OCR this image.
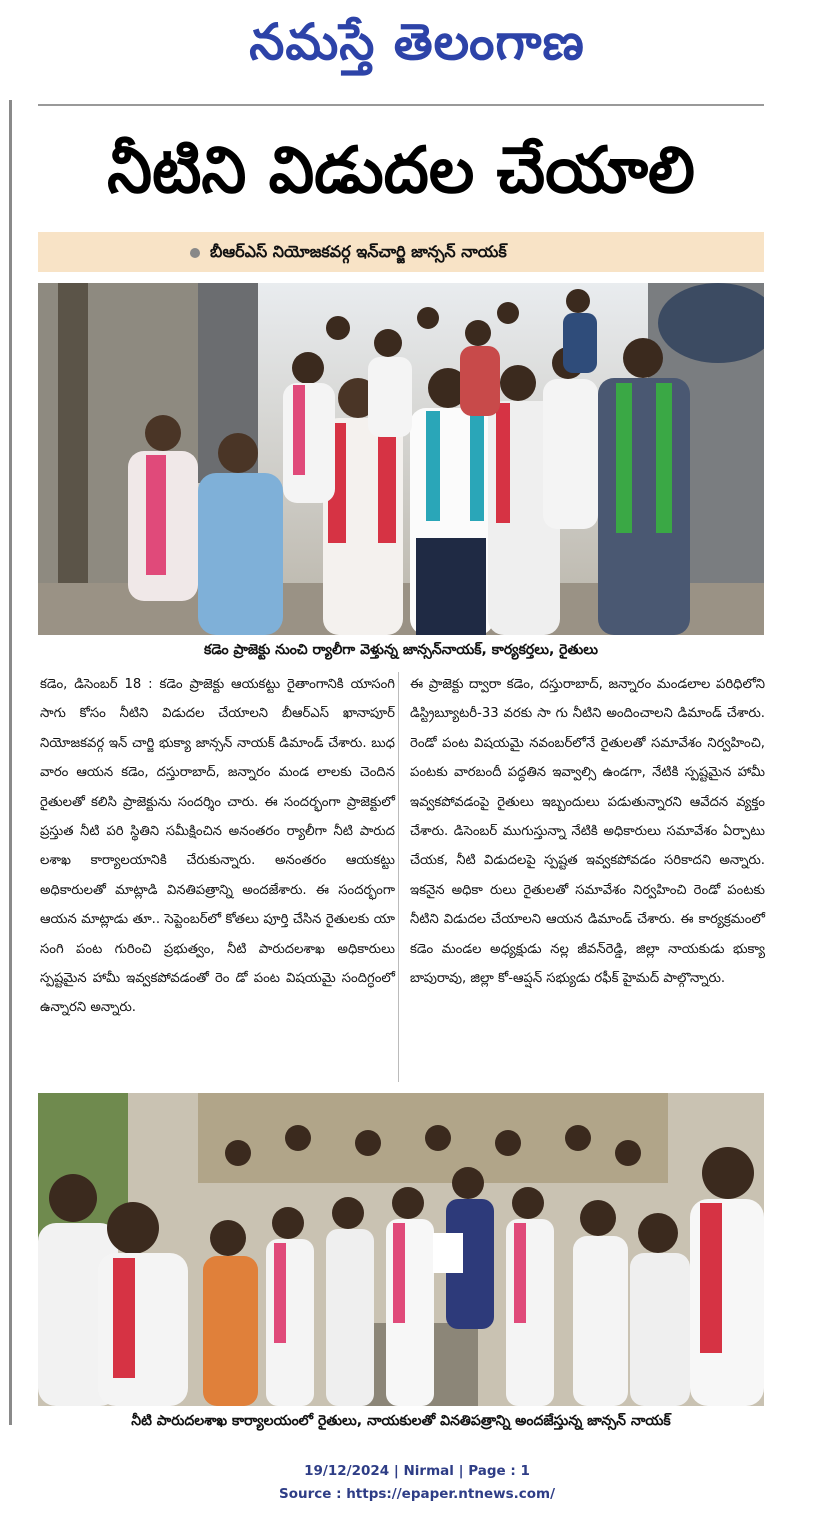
నమస్తే తెలంగాణ
నీటిని విడుదల చేయాలి
బీఆర్ఎస్ నియోజకవర్గ ఇన్‌చార్జి జాన్సన్ నాయక్
కడెం ప్రాజెక్టు నుంచి ర్యాలీగా వెళ్తున్న జాన్సన్‌నాయక్, కార్యకర్తలు, రైతులు
కడెం, డిసెంబర్ 18 : కడెం ప్రాజెక్టు ఆయకట్టు రైతాంగానికి యాసంగి సాగు కోసం నీటిని విడుదల చేయాలని బీఆర్ఎస్ ఖానాపూర్ నియోజకవర్గ ఇన్ చార్జి భుక్యా జాన్సన్ నాయక్ డిమాండ్ చేశారు. బుధ వారం ఆయన కడెం, దస్తురాబాద్, జన్నారం మండ లాలకు చెందిన రైతులతో కలిసి ప్రాజెక్టును సందర్శిం చారు. ఈ సందర్భంగా ప్రాజెక్టులో ప్రస్తుత నీటి పరి స్థితిని సమీక్షించిన అనంతరం ర్యాలీగా నీటి పారుద లశాఖ కార్యాలయానికి చేరుకున్నారు. అనంతరం ఆయకట్టు అధికారులతో మాట్లాడి వినతిపత్రాన్ని అందజేశారు. ఈ సందర్భంగా ఆయన మాట్లాడు తూ.. సెప్టెంబర్‌లో కోతలు పూర్తి చేసిన రైతులకు యా సంగి పంట గురించి ప్రభుత్వం, నీటి పారుదలశాఖ అధికారులు స్పష్టమైన హామీ ఇవ్వకపోవడంతో రెం డో పంట విషయమై సందిగ్ధంలో ఉన్నారని అన్నారు.
ఈ ప్రాజెక్టు ద్వారా కడెం, దస్తురాబాద్, జన్నారం మండలాల పరిధిలోని డిస్ట్రిబ్యూటరీ-33 వరకు సా గు నీటిని అందించాలని డిమాండ్ చేశారు. రెండో పంట విషయమై నవంబర్‌లోనే రైతులతో సమావేశం నిర్వహించి, పంటకు వారబందీ పద్ధతిన ఇవ్వాల్సి ఉండగా, నేటికి స్పష్టమైన హామీ ఇవ్వకపోవడంపై రైతులు ఇబ్బందులు పడుతున్నారని ఆవేదన వ్యక్తం చేశారు. డిసెంబర్ ముగుస్తున్నా నేటికి అధికారులు సమావేశం ఏర్పాటు చేయక, నీటి విడుదలపై స్పష్టత ఇవ్వకపోవడం సరికాదని అన్నారు. ఇకనైన అధికా రులు రైతులతో సమావేశం నిర్వహించి రెండో పంటకు నీటిని విడుదల చేయాలని ఆయన డిమాండ్ చేశారు. ఈ కార్యక్రమంలో కడెం మండల అధ్యక్షుడు నల్ల జీవన్‌రెడ్డి, జిల్లా నాయకుడు భుక్యా బాపురావు, జిల్లా కో-ఆప్షన్ సభ్యుడు రఫీక్ హైమద్ పాల్గొన్నారు.
నీటి పారుదలశాఖ కార్యాలయంలో రైతులు, నాయకులతో వినతిపత్రాన్ని అందజేస్తున్న జాన్సన్ నాయక్
19/12/2024 | Nirmal | Page : 1
Source : https://epaper.ntnews.com/
